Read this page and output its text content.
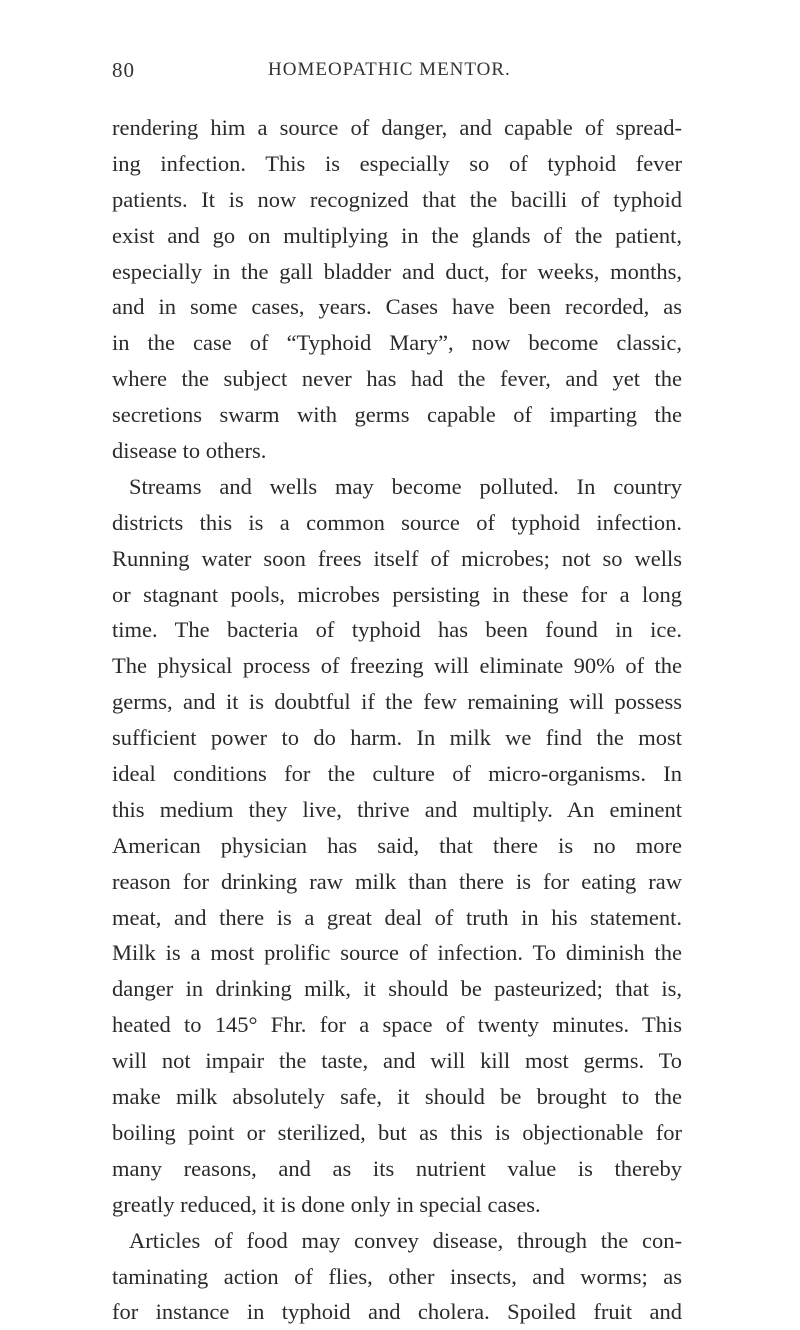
80	HOMEOPATHIC MENTOR.
rendering him a source of danger, and capable of spread-
ing infection. This is especially so of typhoid fever
patients. It is now recognized that the bacilli of typhoid
exist and go on multiplying in the glands of the patient,
especially in the gall bladder and duct, for weeks, months,
and in some cases, years. Cases have been recorded, as
in the case of “Typhoid Mary”, now become classic,
where the subject never has had the fever, and yet the
secretions swarm with germs capable of imparting the
disease to others.
Streams and wells may become polluted. In country
districts this is a common source of typhoid infection.
Running water soon frees itself of microbes; not so wells
or stagnant pools, microbes persisting in these for a long
time. The bacteria of typhoid has been found in ice.
The physical process of freezing will eliminate 90% of the
germs, and it is doubtful if the few remaining will possess
sufficient power to do harm. In milk we find the most
ideal conditions for the culture of micro-organisms. In
this medium they live, thrive and multiply. An eminent
American physician has said, that there is no more
reason for drinking raw milk than there is for eating raw
meat, and there is a great deal of truth in his statement.
Milk is a most prolific source of infection. To diminish the
danger in drinking milk, it should be pasteurized; that is,
heated to 145° Fhr. for a space of twenty minutes. This
will not impair the taste, and will kill most germs. To
make milk absolutely safe, it should be brought to the
boiling point or sterilized, but as this is objectionable for
many reasons, and as its nutrient value is thereby
greatly reduced, it is done only in special cases.
Articles of food may convey disease, through the con-
taminating action of flies, other insects, and worms; as
for instance in typhoid and cholera. Spoiled fruit and
